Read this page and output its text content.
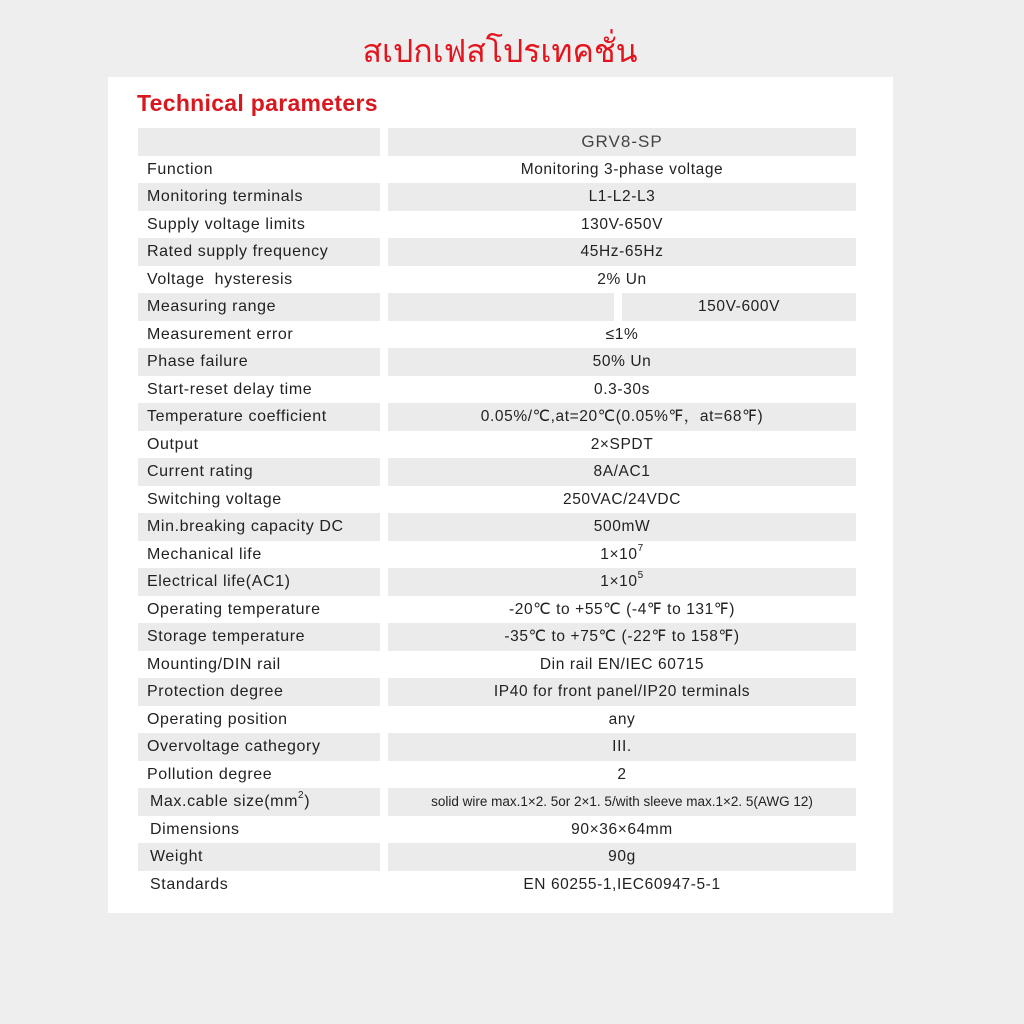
สเปกเฟสโปรเทคชั่น
Technical parameters
GRV8-SP
Function	Monitoring 3-phase voltage
Monitoring terminals	L1-L2-L3
Supply voltage limits	130V-650V
Rated supply frequency	45Hz-65Hz
Voltage  hysteresis	2% Un
Measuring range	150V-600V
Measurement error	≤1%
Phase failure	50% Un
Start-reset delay time	0.3-30s
Temperature coefficient	0.05%/℃,at=20℃(0.05%℉，at=68℉)
Output	2×SPDT
Current rating	8A/AC1
Switching voltage	250VAC/24VDC
Min.breaking capacity DC	500mW
Mechanical life	$1\times 10^7$
Electrical life(AC1)	$1\times 10^5$
Operating temperature	-20℃ to +55℃ (-4℉ to 131℉)
Storage temperature	-35℃ to +75℃ (-22℉ to 158℉)
Mounting/DIN rail	Din rail EN/IEC 60715
Protection degree	IP40 for front panel/IP20 terminals
Operating position	any
Overvoltage cathegory	III.
Pollution degree	2
Max.cable $size(mm^2)$	solid wire max.1×2. 5or 2×1. 5/with sleeve max.1×2. 5(AWG 12)
Dimensions	90×36×64mm
Weight	90g
Standards	EN 60255-1,IEC60947-5-1
